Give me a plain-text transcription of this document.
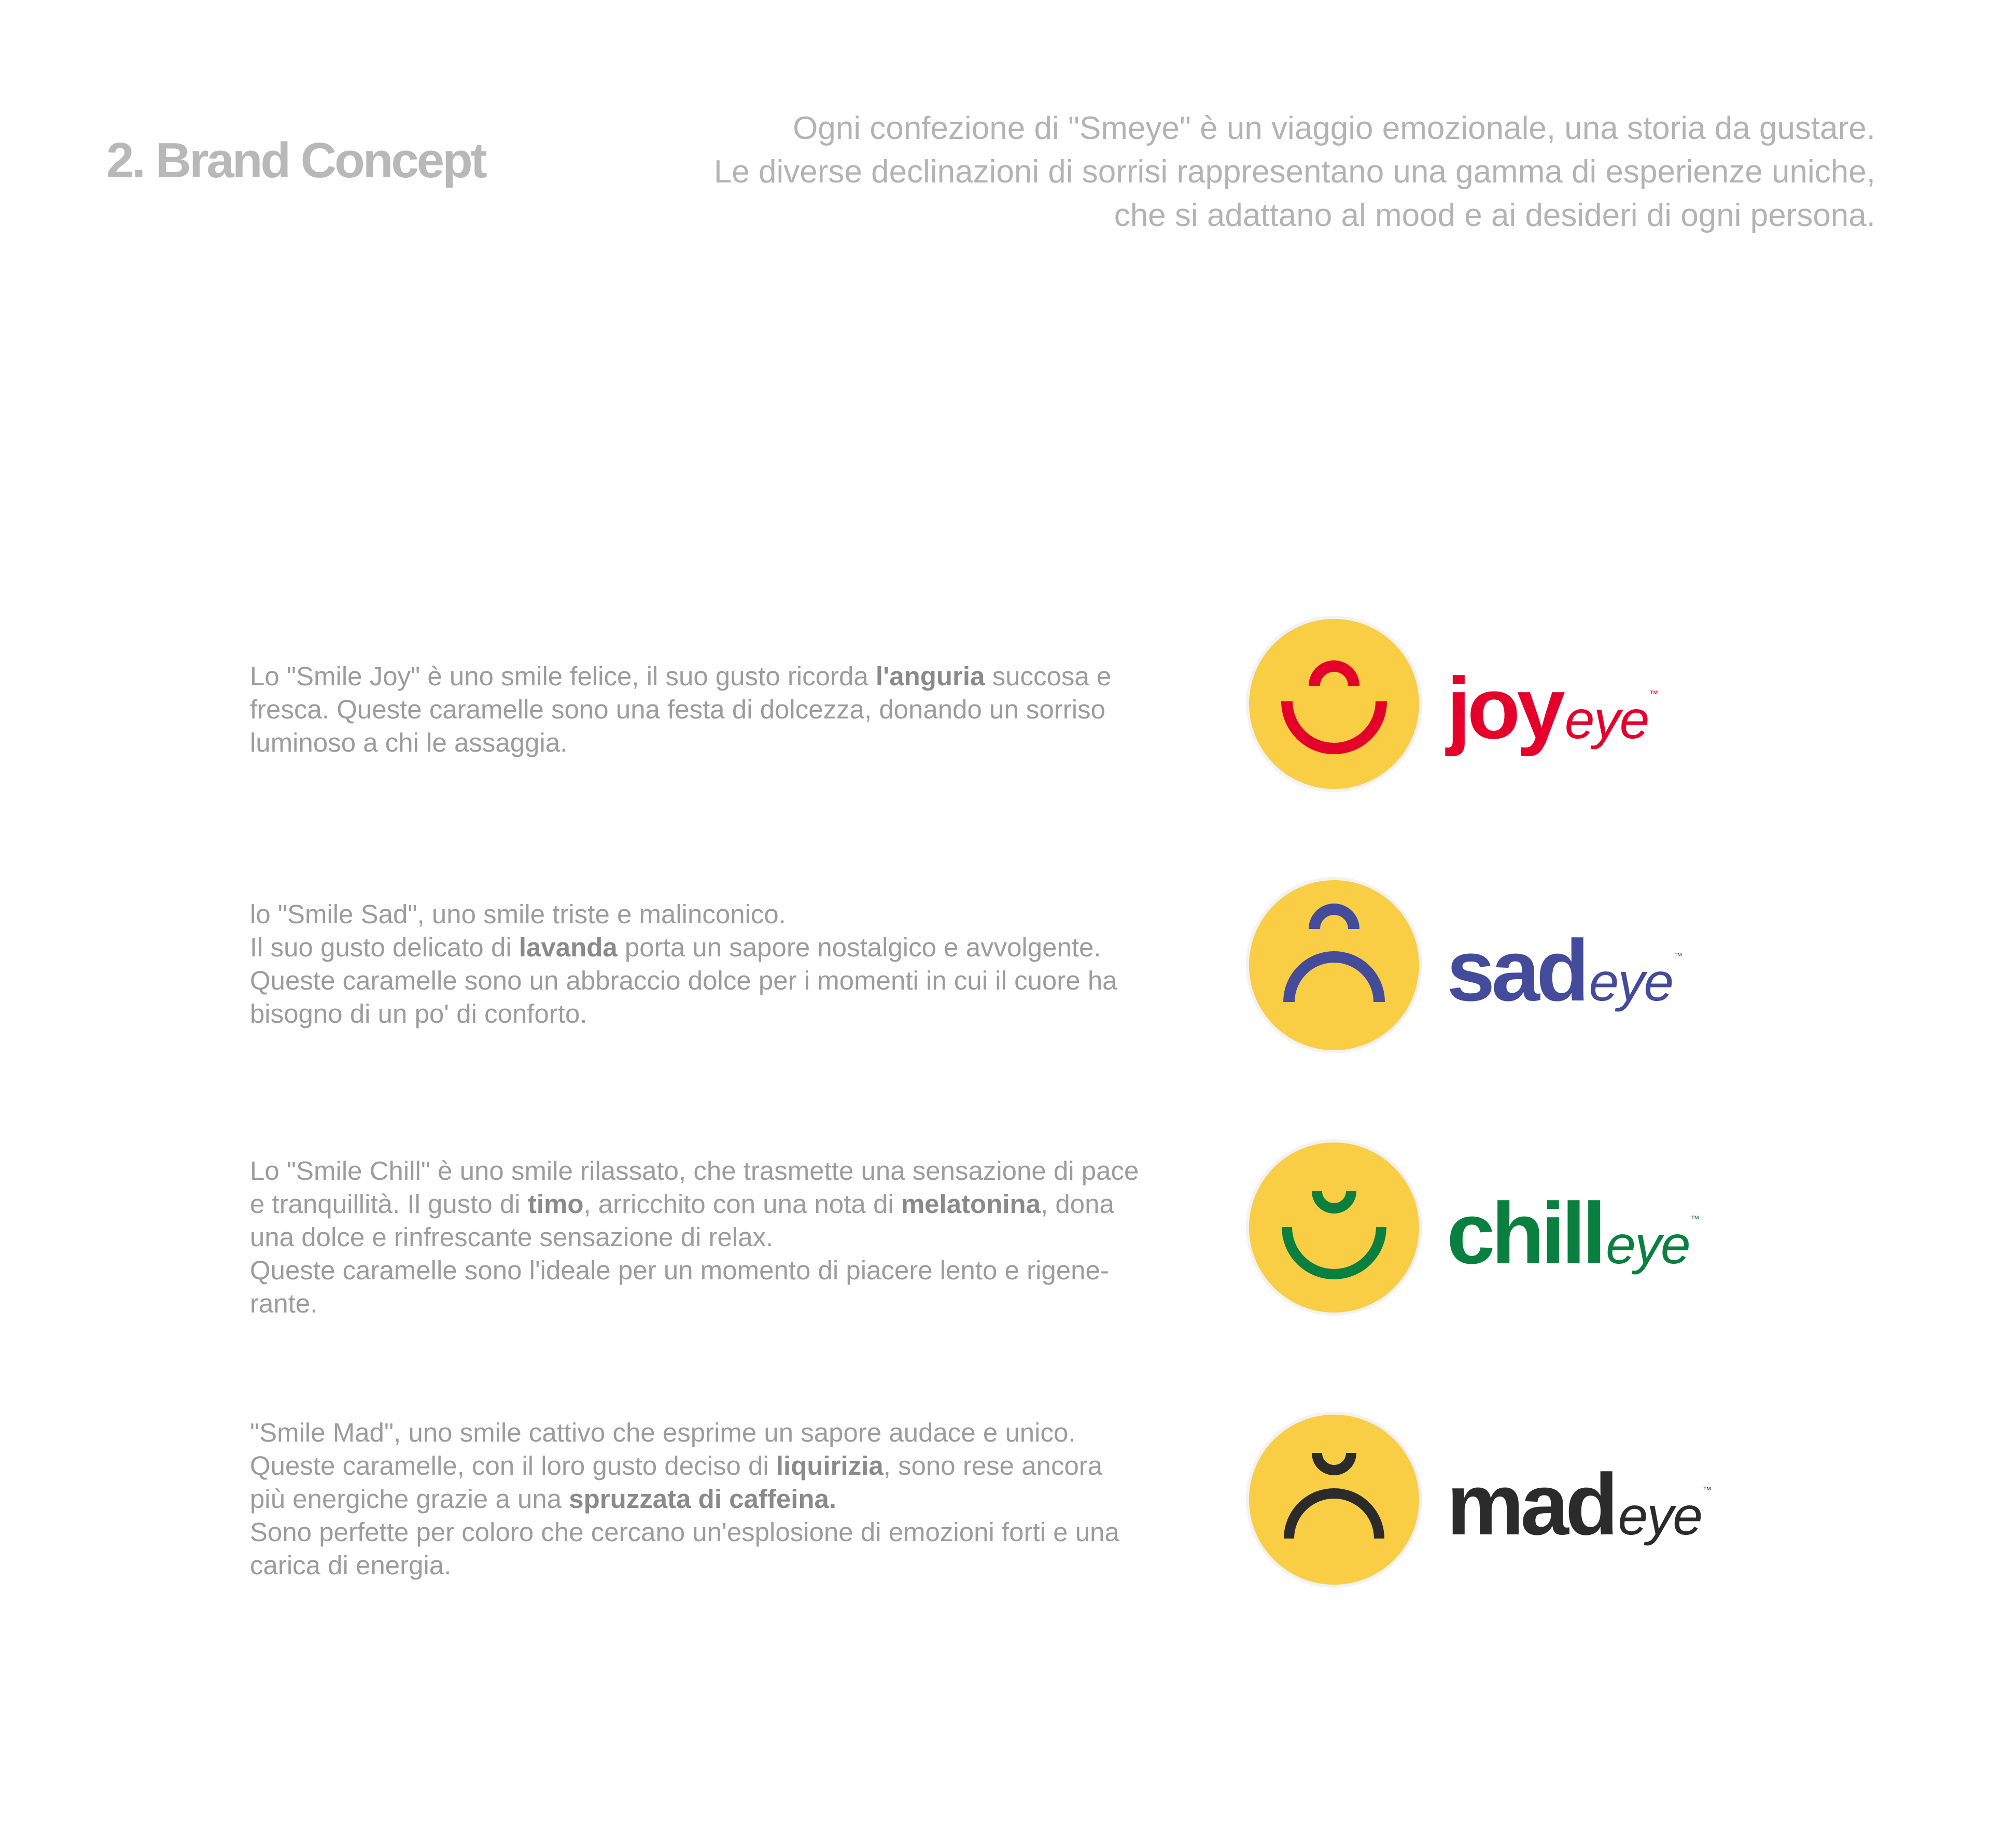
2. Brand Concept
Ogni confezione di "Smeye" è un viaggio emozionale, una storia da gustare.
Le diverse declinazioni di sorrisi rappresentano una gamma di esperienze uniche,
che si adattano al mood e ai desideri di ogni persona.
Lo "Smile Joy" è uno smile felice, il suo gusto ricorda l'anguria succosa e
fresca. Queste caramelle sono una festa di dolcezza, donando un sorriso
luminoso a chi le assaggia.	joyeye ™
lo "Smile Sad", uno smile triste e malinconico.
Il suo gusto delicato di lavanda porta un sapore nostalgico e avvolgente.
Queste caramelle sono un abbraccio dolce per i momenti in cui il cuore ha
bisogno di un po' di conforto.	sadeye ™
Lo "Smile Chill" è uno smile rilassato, che trasmette una sensazione di pace
e tranquillità. Il gusto di timo, arricchito con una nota di melatonina, dona
una dolce e rinfrescante sensazione di relax.
Queste caramelle sono l'ideale per un momento di piacere lento e rigene-
rante.
chilleye ™
"Smile Mad", uno smile cattivo che esprime un sapore audace e unico.
Queste caramelle, con il loro gusto deciso di liquirizia, sono rese ancora
più energiche grazie a una spruzzata di caffeina.
Sono perfette per coloro che cercano un'esplosione di emozioni forti e una
carica di energia.
madeye ™
